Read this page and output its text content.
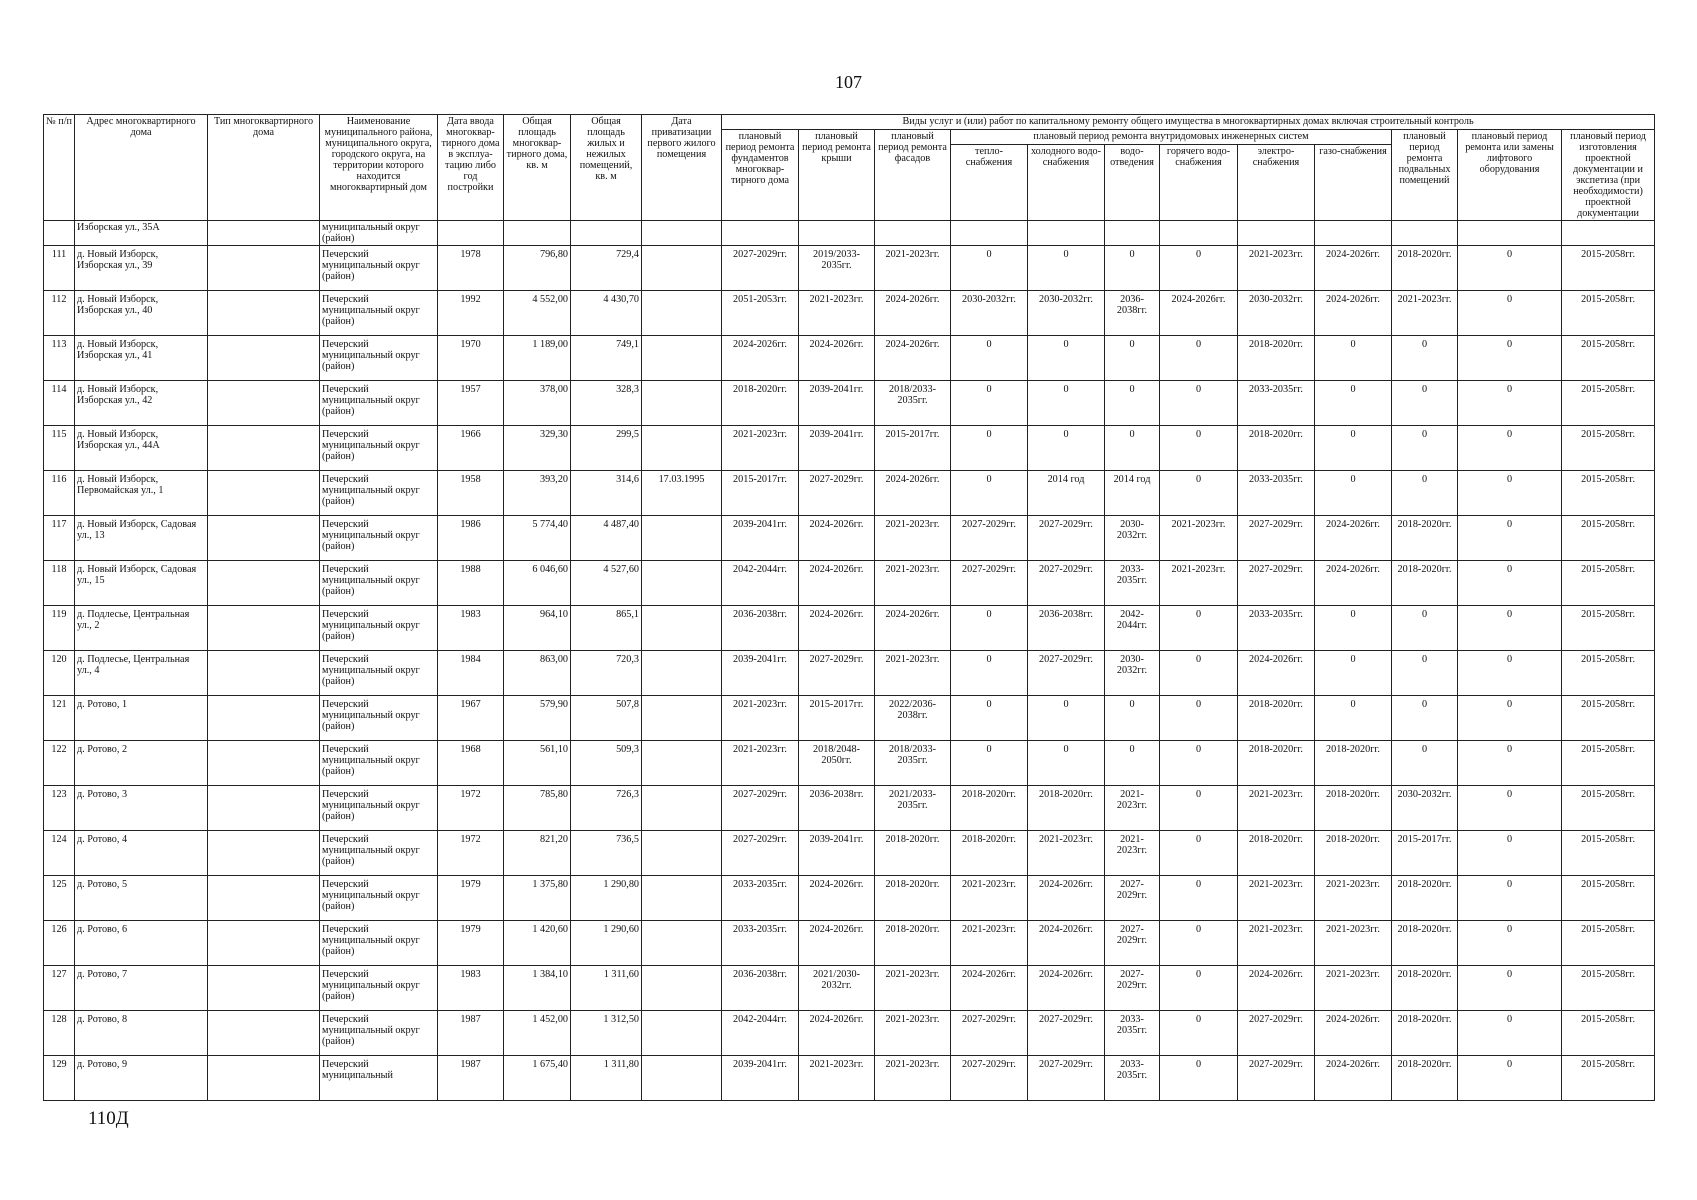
107
№ п/п	Адрес многоквартирного дома	Тип многоквартирного дома	Наименование муниципального района, муниципального округа, городского округа, на территории которого находится многоквартирный дом	Дата ввода многоквар-тирного дома в эксплуа-тацию либо год постройки	Общая площадь многоквар-тирного дома, кв. м	Общая площадь жилых и нежилых помещений, кв. м	Дата приватизации первого жилого помещения	Виды услуг и (или) работ по капитальному ремонту общего имущества в многоквартирных домах включая строительный контроль											
								плановый период ремонта фундаментов многоквар-тирного дома	плановый период ремонта крыши	плановый период ремонта фасадов	плановый период ремонта внутридомовых инженерных систем						плановый период ремонта подвальных помещений	плановый период ремонта или замены лифтового оборудования	плановый период изготовления проектной документации и экспетиза (при необходимости) проектной документации
											тепло-снабжения	холодного водо-снабжения	водо-отведения	горячего водо-снабжения	электро-снабжения	газо-снабжения			
	Изборская ул., 35А		муниципальный округ (район)																
111	д. Новый Изборск, Изборская ул., 39		Печерский муниципальный округ (район)	1978	796,80	729,4		2027-2029гг.	2019/2033-2035гг.	2021-2023гг.	0	0	0	0	2021-2023гг.	2024-2026гг.	2018-2020гг.	0	2015-2058гг.
112	д. Новый Изборск, Изборская ул., 40		Печерский муниципальный округ (район)	1992	4 552,00	4 430,70		2051-2053гг.	2021-2023гг.	2024-2026гг.	2030-2032гг.	2030-2032гг.	2036-2038гг.	2024-2026гг.	2030-2032гг.	2024-2026гг.	2021-2023гг.	0	2015-2058гг.
113	д. Новый Изборск, Изборская ул., 41		Печерский муниципальный округ (район)	1970	1 189,00	749,1		2024-2026гг.	2024-2026гг.	2024-2026гг.	0	0	0	0	2018-2020гг.	0	0	0	2015-2058гг.
114	д. Новый Изборск, Изборская ул., 42		Печерский муниципальный округ (район)	1957	378,00	328,3		2018-2020гг.	2039-2041гг.	2018/2033-2035гг.	0	0	0	0	2033-2035гг.	0	0	0	2015-2058гг.
115	д. Новый Изборск, Изборская ул., 44А		Печерский муниципальный округ (район)	1966	329,30	299,5		2021-2023гг.	2039-2041гг.	2015-2017гг.	0	0	0	0	2018-2020гг.	0	0	0	2015-2058гг.
116	д. Новый Изборск, Первомайская ул., 1		Печерский муниципальный округ (район)	1958	393,20	314,6	17.03.1995	2015-2017гг.	2027-2029гг.	2024-2026гг.	0	2014 год	2014 год	0	2033-2035гг.	0	0	0	2015-2058гг.
117	д. Новый Изборск, Садовая ул., 13		Печерский муниципальный округ (район)	1986	5 774,40	4 487,40		2039-2041гг.	2024-2026гг.	2021-2023гг.	2027-2029гг.	2027-2029гг.	2030-2032гг.	2021-2023гг.	2027-2029гг.	2024-2026гг.	2018-2020гг.	0	2015-2058гг.
118	д. Новый Изборск, Садовая ул., 15		Печерский муниципальный округ (район)	1988	6 046,60	4 527,60		2042-2044гг.	2024-2026гг.	2021-2023гг.	2027-2029гг.	2027-2029гг.	2033-2035гг.	2021-2023гг.	2027-2029гг.	2024-2026гг.	2018-2020гг.	0	2015-2058гг.
119	д. Подлесье, Центральная ул., 2		Печерский муниципальный округ (район)	1983	964,10	865,1		2036-2038гг.	2024-2026гг.	2024-2026гг.	0	2036-2038гг.	2042-2044гг.	0	2033-2035гг.	0	0	0	2015-2058гг.
120	д. Подлесье, Центральная ул., 4		Печерский муниципальный округ (район)	1984	863,00	720,3		2039-2041гг.	2027-2029гг.	2021-2023гг.	0	2027-2029гг.	2030-2032гг.	0	2024-2026гг.	0	0	0	2015-2058гг.
121	д. Ротово, 1		Печерский муниципальный округ (район)	1967	579,90	507,8		2021-2023гг.	2015-2017гг.	2022/2036-2038гг.	0	0	0	0	2018-2020гг.	0	0	0	2015-2058гг.
122	д. Ротово, 2		Печерский муниципальный округ (район)	1968	561,10	509,3		2021-2023гг.	2018/2048-2050гг.	2018/2033-2035гг.	0	0	0	0	2018-2020гг.	2018-2020гг.	0	0	2015-2058гг.
123	д. Ротово, 3		Печерский муниципальный округ (район)	1972	785,80	726,3		2027-2029гг.	2036-2038гг.	2021/2033-2035гг.	2018-2020гг.	2018-2020гг.	2021-2023гг.	0	2021-2023гг.	2018-2020гг.	2030-2032гг.	0	2015-2058гг.
124	д. Ротово, 4		Печерский муниципальный округ (район)	1972	821,20	736,5		2027-2029гг.	2039-2041гг.	2018-2020гг.	2018-2020гг.	2021-2023гг.	2021-2023гг.	0	2018-2020гг.	2018-2020гг.	2015-2017гг.	0	2015-2058гг.
125	д. Ротово, 5		Печерский муниципальный округ (район)	1979	1 375,80	1 290,80		2033-2035гг.	2024-2026гг.	2018-2020гг.	2021-2023гг.	2024-2026гг.	2027-2029гг.	0	2021-2023гг.	2021-2023гг.	2018-2020гг.	0	2015-2058гг.
126	д. Ротово, 6		Печерский муниципальный округ (район)	1979	1 420,60	1 290,60		2033-2035гг.	2024-2026гг.	2018-2020гг.	2021-2023гг.	2024-2026гг.	2027-2029гг.	0	2021-2023гг.	2021-2023гг.	2018-2020гг.	0	2015-2058гг.
127	д. Ротово, 7		Печерский муниципальный округ (район)	1983	1 384,10	1 311,60		2036-2038гг.	2021/2030-2032гг.	2021-2023гг.	2024-2026гг.	2024-2026гг.	2027-2029гг.	0	2024-2026гг.	2021-2023гг.	2018-2020гг.	0	2015-2058гг.
128	д. Ротово, 8		Печерский муниципальный округ (район)	1987	1 452,00	1 312,50		2042-2044гг.	2024-2026гг.	2021-2023гг.	2027-2029гг.	2027-2029гг.	2033-2035гг.	0	2027-2029гг.	2024-2026гг.	2018-2020гг.	0	2015-2058гг.
129	д. Ротово, 9		Печерский муниципальный	1987	1 675,40	1 311,80		2039-2041гг.	2021-2023гг.	2021-2023гг.	2027-2029гг.	2027-2029гг.	2033-2035гг.	0	2027-2029гг.	2024-2026гг.	2018-2020гг.	0	2015-2058гг.
110Д
